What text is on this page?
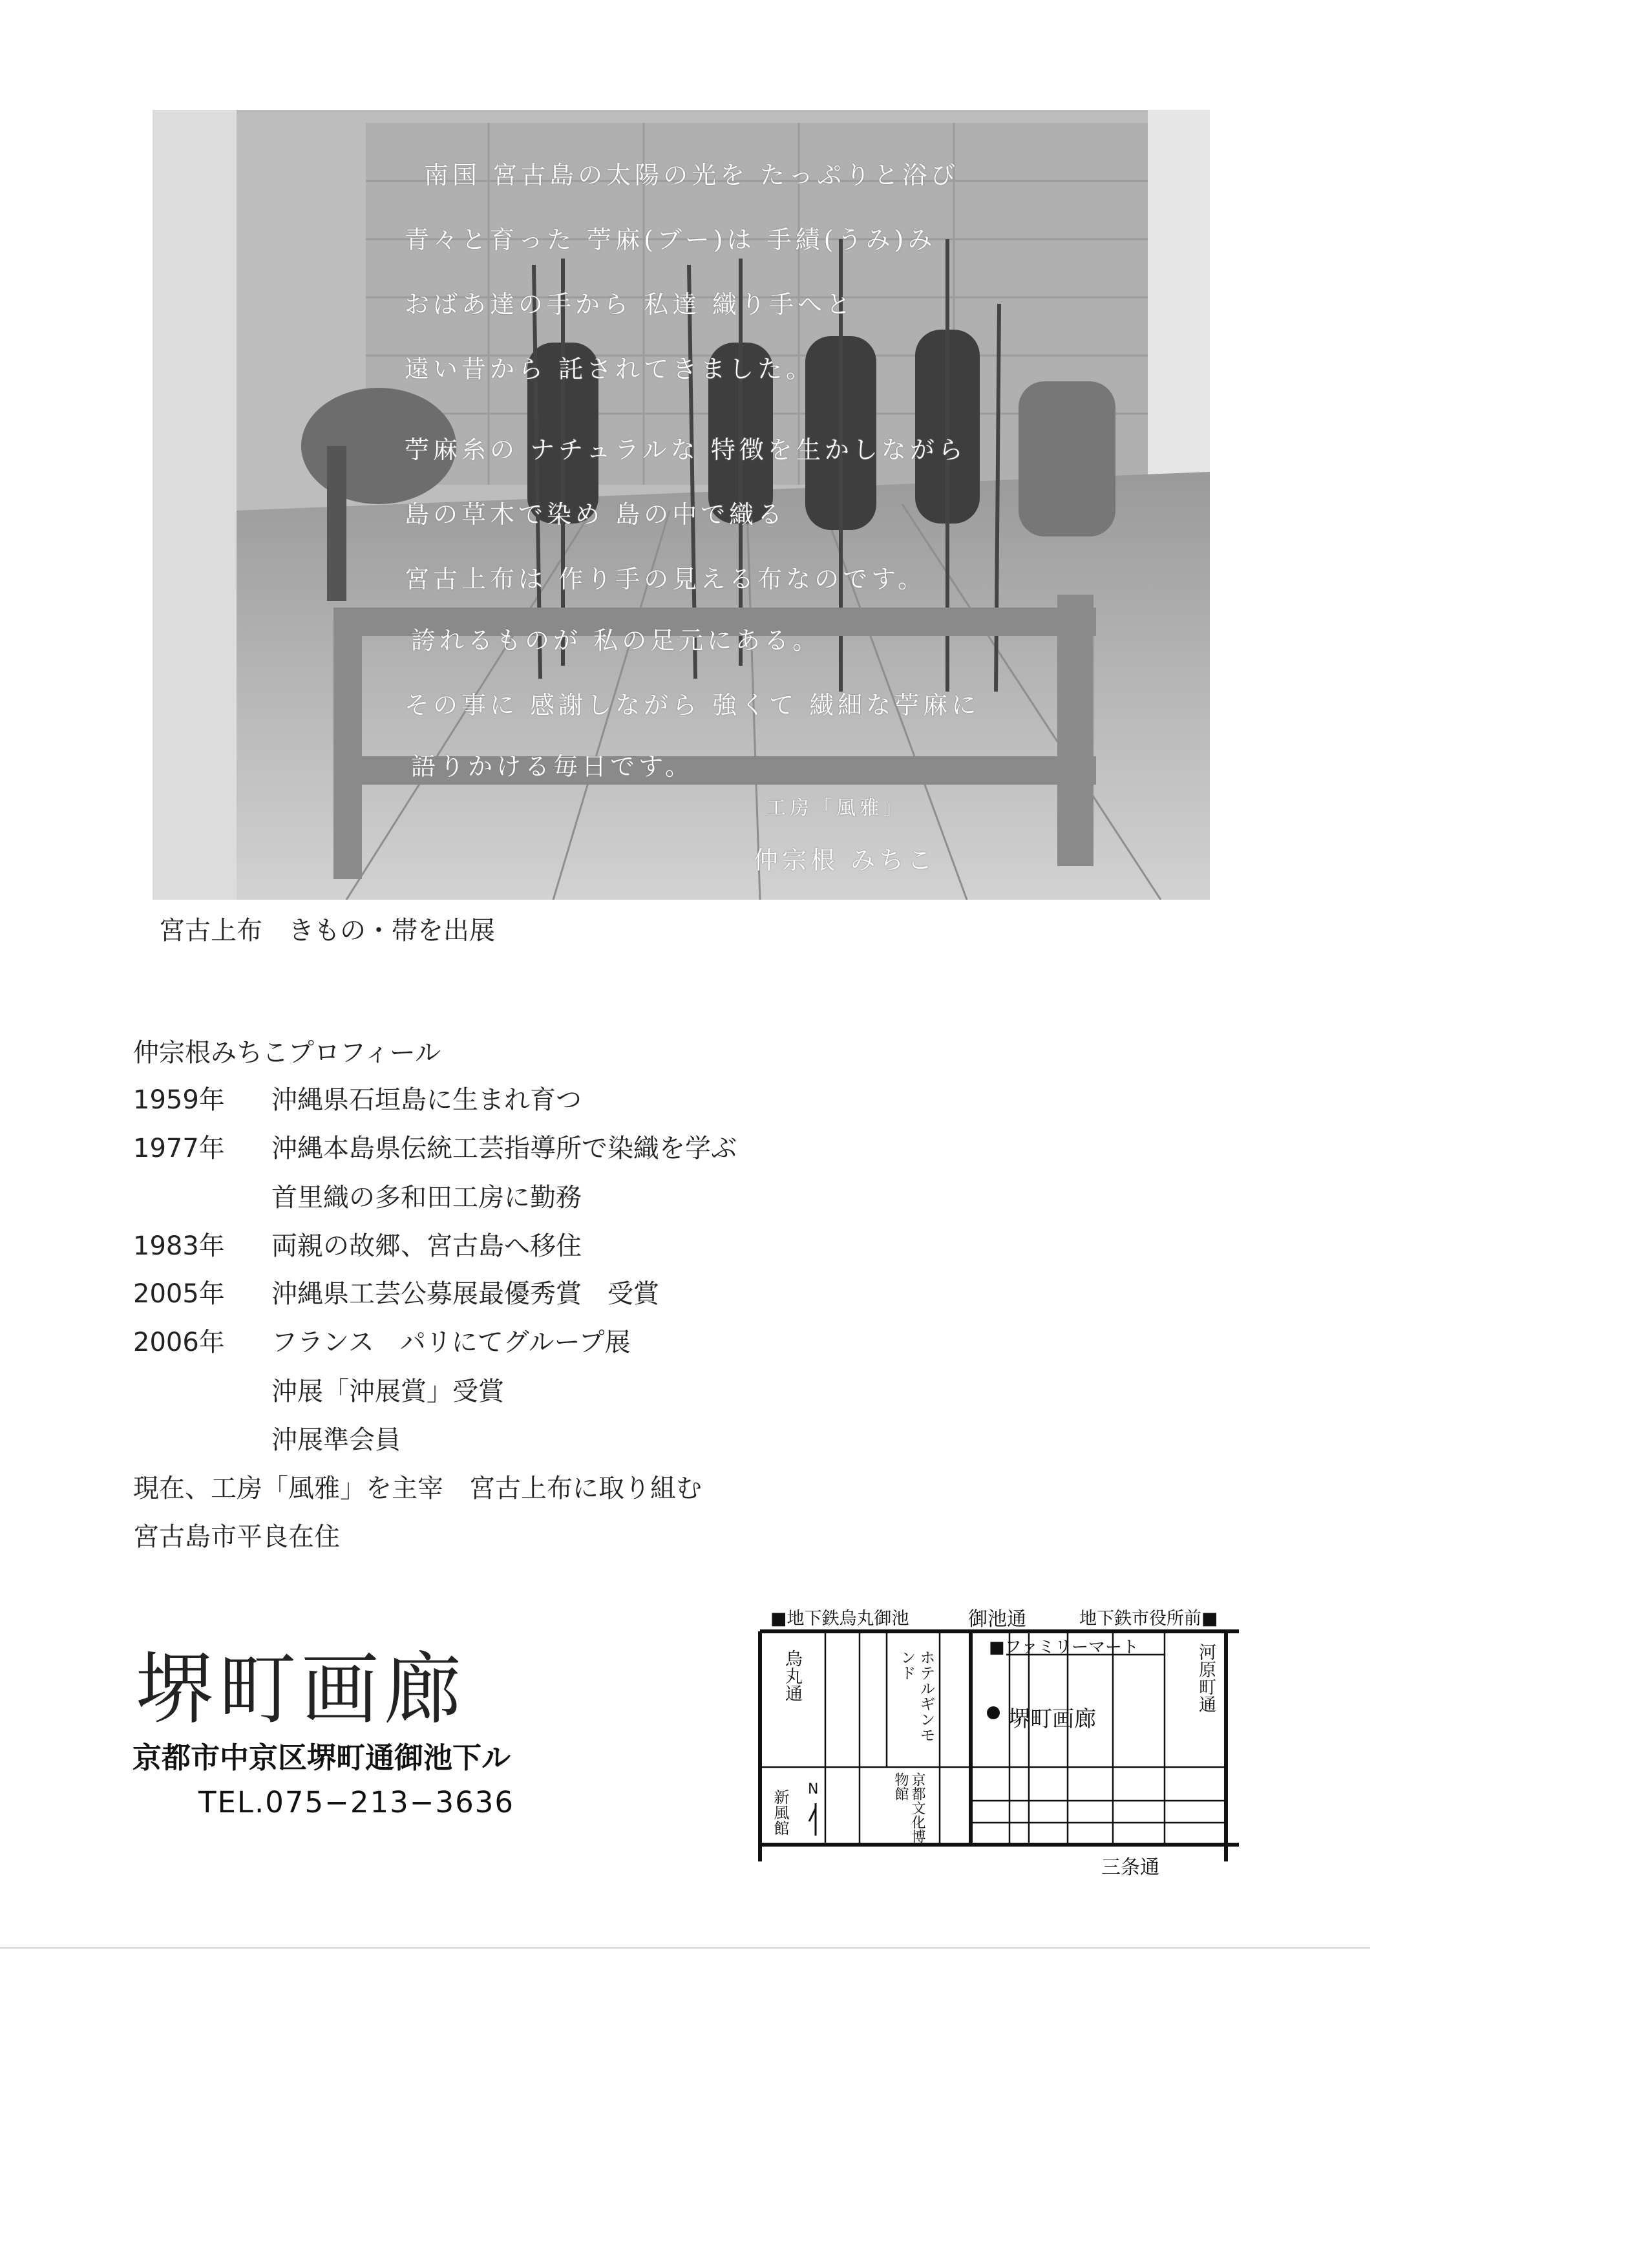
南国 宮古島の太陽の光を たっぷりと浴び
青々と育った 苧麻(ブー)は 手績(うみ)み
おばあ達の手から 私達 織り手へと
遠い昔から 託されてきました。
苧麻糸の ナチュラルな 特徴を生かしながら
島の草木で染め 島の中で織る
宮古上布は 作り手の見える布なのです。
誇れるものが 私の足元にある。
その事に 感謝しながら 強くて 繊細な苧麻に
語りかける毎日です。
工房「風雅」
仲宗根 みちこ
宮古上布　きもの・帯を出展
仲宗根みちこプロフィール
1959年 沖縄県石垣島に生まれ育つ
1977年 沖縄本島県伝統工芸指導所で染織を学ぶ
首里織の多和田工房に勤務
1983年 両親の故郷、宮古島へ移住
2005年 沖縄県工芸公募展最優秀賞　受賞
2006年 フランス　パリにてグループ展
沖展「沖展賞」受賞
沖展準会員
現在、工房「風雅」を主宰　宮古上布に取り組む
宮古島市平良在住
堺町画廊
京都市中京区堺町通御池下ル
TEL.075−213−3636
■地下鉄烏丸御池	御池通	地下鉄市役所前■
烏丸通	ホテルギンモンド
■ファミリーマート
堺町画廊
河原町通
N
新風館	京都文化博物館
三条通
